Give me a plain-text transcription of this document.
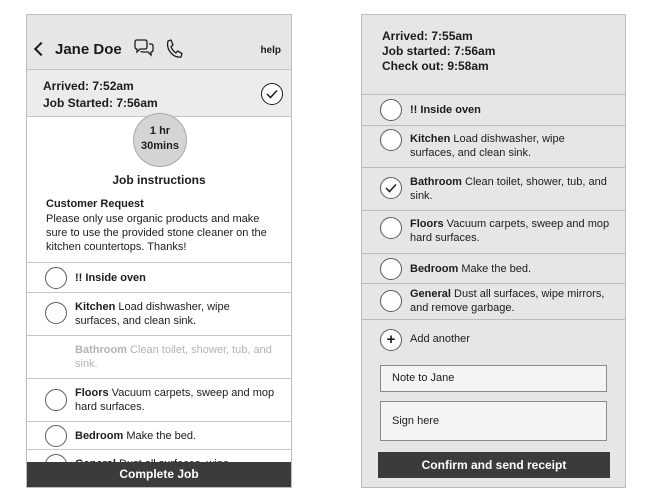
Jane Doe	help
Arrived: 7:52am
Job Started: 7:56am
1 hr
30mins
Job instructions
Customer Request
Please only use organic products and make sure to use the provided stone cleaner on the kitchen countertops. Thanks!
!! Inside oven
Kitchen Load dishwasher, wipe surfaces, and clean sink.
Bathroom Clean toilet, shower, tub, and sink.
Floors Vacuum carpets, sweep and mop hard surfaces.
Bedroom Make the bed.
Complete Job
Arrived: 7:55am
Job started: 7:56am
Check out: 9:58am
!! Inside oven
Kitchen Load dishwasher, wipe surfaces, and clean sink.
Bathroom Clean toilet, shower, tub, and sink.
Floors Vacuum carpets, sweep and mop hard surfaces.
Bedroom Make the bed.
General Dust all surfaces, wipe mirrors, and remove garbage.
+	Add another
Note to Jane
Sign here
Confirm and send receipt
